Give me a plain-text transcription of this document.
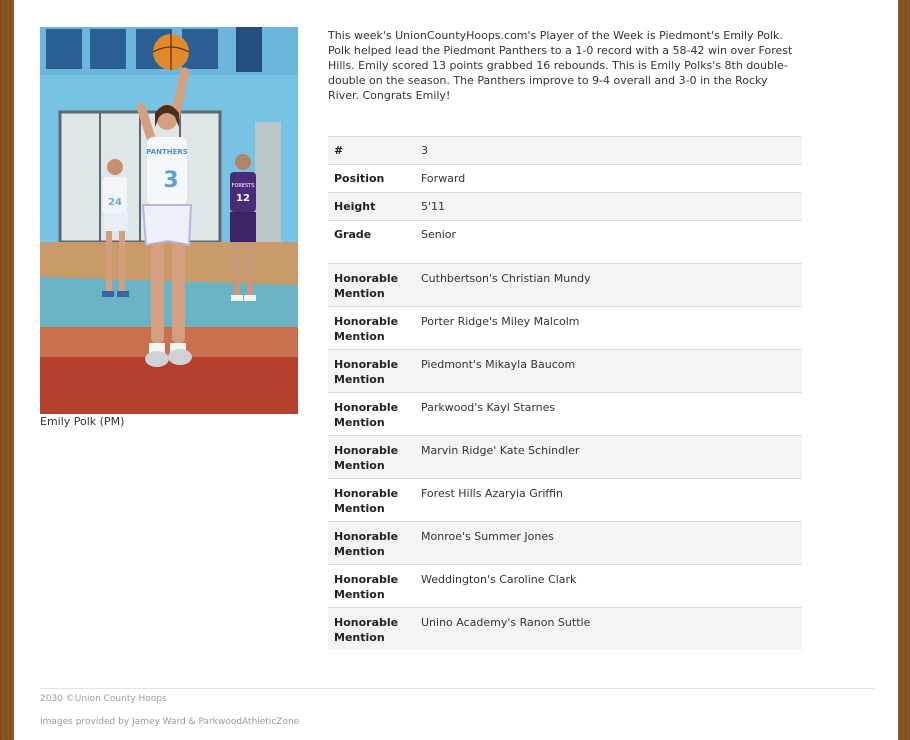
24
FORESTS
12
PANTHERS
3
Emily Polk (PM)
This week's UnionCountyHoops.com's Player of the Week is Piedmont's Emily Polk. Polk helped lead the Piedmont Panthers to a 1-0 record with a 58-42 win over Forest Hills. Emily scored 13 points grabbed 16 rebounds. This is Emily Polks's 8th double-double on the season. The Panthers improve to 9-4 overall and 3-0 in the Rocky River. Congrats Emily!
#	3
Position	Forward
Height	5'11
Grade	Senior
Honorable Mention	Cuthbertson's Christian Mundy
Honorable Mention	Porter Ridge's Miley Malcolm
Honorable Mention	Piedmont's Mikayla Baucom
Honorable Mention	Parkwood's Kayl Starnes
Honorable Mention	Marvin Ridge' Kate Schindler
Honorable Mention	Forest Hills Azaryia Griffin
Honorable Mention	Monroe's Summer Jones
Honorable Mention	Weddington's Caroline Clark
Honorable Mention	Unino Academy's Ranon Suttle
2030 ©Union County Hoops
Images provided by Jamey Ward & ParkwoodAthleticZone
